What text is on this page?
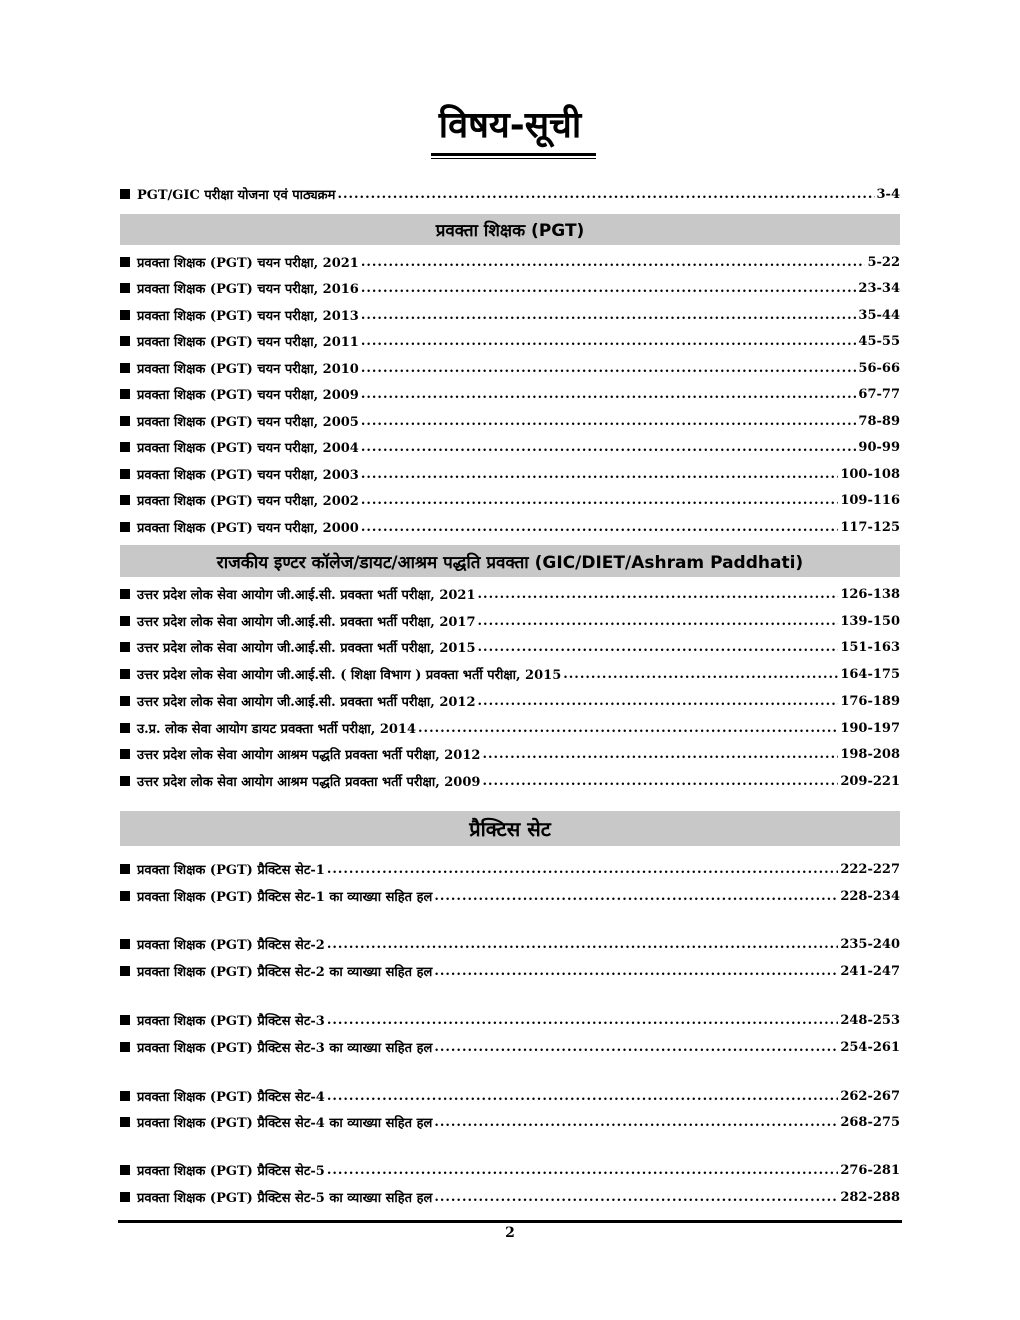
विषय-सूची
PGT/GIC परीक्षा योजना एवं पाठ्यक्रम .....	3-4
प्रवक्ता शिक्षक (PGT)
प्रवक्ता शिक्षक (PGT) चयन परीक्षा, 2021 .....	5-22
प्रवक्ता शिक्षक (PGT) चयन परीक्षा, 2016 .....	23-34
प्रवक्ता शिक्षक (PGT) चयन परीक्षा, 2013 .....	35-44
प्रवक्ता शिक्षक (PGT) चयन परीक्षा, 2011 .....	45-55
प्रवक्ता शिक्षक (PGT) चयन परीक्षा, 2010 .....	56-66
प्रवक्ता शिक्षक (PGT) चयन परीक्षा, 2009 .....	67-77
प्रवक्ता शिक्षक (PGT) चयन परीक्षा, 2005 .....	78-89
प्रवक्ता शिक्षक (PGT) चयन परीक्षा, 2004 .....	90-99
प्रवक्ता शिक्षक (PGT) चयन परीक्षा, 2003 .....	100-108
प्रवक्ता शिक्षक (PGT) चयन परीक्षा, 2002 .....	109-116
प्रवक्ता शिक्षक (PGT) चयन परीक्षा, 2000 .....	117-125
राजकीय इण्टर कॉलेज/डायट/आश्रम पद्धति प्रवक्ता (GIC/DIET/Ashram Paddhati)
उत्तर प्रदेश लोक सेवा आयोग जी.आई.सी. प्रवक्ता भर्ती परीक्षा, 2021 .....	126-138
उत्तर प्रदेश लोक सेवा आयोग जी.आई.सी. प्रवक्ता भर्ती परीक्षा, 2017 .....	139-150
उत्तर प्रदेश लोक सेवा आयोग जी.आई.सी. प्रवक्ता भर्ती परीक्षा, 2015 .....	151-163
उत्तर प्रदेश लोक सेवा आयोग जी.आई.सी. ( शिक्षा विभाग ) प्रवक्ता भर्ती परीक्षा, 2015 .....	164-175
उत्तर प्रदेश लोक सेवा आयोग जी.आई.सी. प्रवक्ता भर्ती परीक्षा, 2012 .....	176-189
उ.प्र. लोक सेवा आयोग डायट प्रवक्ता भर्ती परीक्षा, 2014 .....	190-197
उत्तर प्रदेश लोक सेवा आयोग आश्रम पद्धति प्रवक्ता भर्ती परीक्षा, 2012 .....	198-208
उत्तर प्रदेश लोक सेवा आयोग आश्रम पद्धति प्रवक्ता भर्ती परीक्षा, 2009 .....	209-221
प्रैक्टिस सेट
प्रवक्ता शिक्षक (PGT) प्रैक्टिस सेट-1 .....	222-227
प्रवक्ता शिक्षक (PGT) प्रैक्टिस सेट-1 का व्याख्या सहित हल .....	228-234
प्रवक्ता शिक्षक (PGT) प्रैक्टिस सेट-2 .....	235-240
प्रवक्ता शिक्षक (PGT) प्रैक्टिस सेट-2 का व्याख्या सहित हल .....	241-247
प्रवक्ता शिक्षक (PGT) प्रैक्टिस सेट-3 .....	248-253
प्रवक्ता शिक्षक (PGT) प्रैक्टिस सेट-3 का व्याख्या सहित हल .....	254-261
प्रवक्ता शिक्षक (PGT) प्रैक्टिस सेट-4 .....	262-267
प्रवक्ता शिक्षक (PGT) प्रैक्टिस सेट-4 का व्याख्या सहित हल .....	268-275
प्रवक्ता शिक्षक (PGT) प्रैक्टिस सेट-5 .....	276-281
प्रवक्ता शिक्षक (PGT) प्रैक्टिस सेट-5 का व्याख्या सहित हल .....	282-288
2
